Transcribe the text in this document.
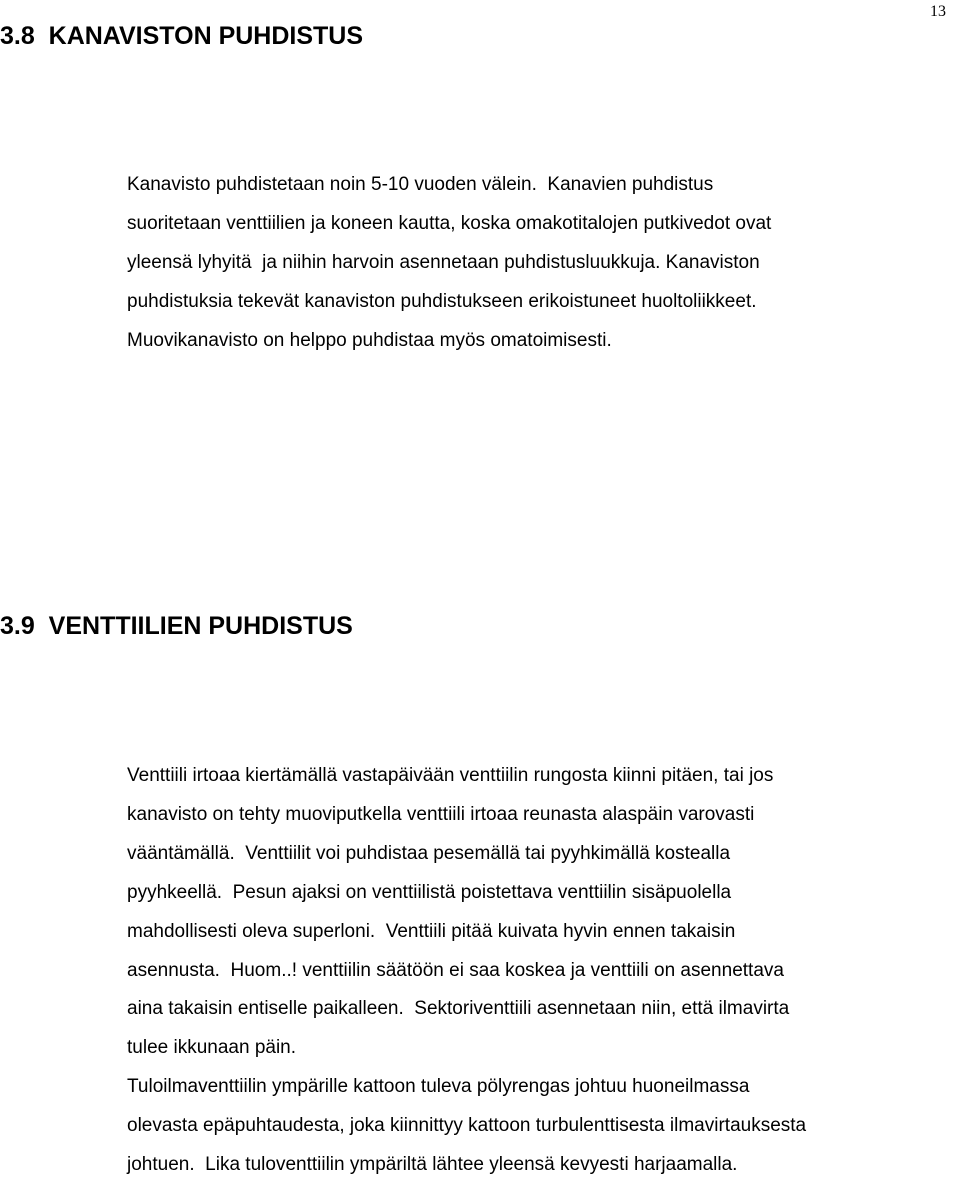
13
3.8  KANAVISTON PUHDISTUS
Kanavisto puhdistetaan noin 5-10 vuoden välein.  Kanavien puhdistus
suoritetaan venttiilien ja koneen kautta, koska omakotitalojen putkivedot ovat
yleensä lyhyitä  ja niihin harvoin asennetaan puhdistusluukkuja. Kanaviston
puhdistuksia tekevät kanaviston puhdistukseen erikoistuneet huoltoliikkeet.
Muovikanavisto on helppo puhdistaa myös omatoimisesti.
3.9  VENTTIILIEN PUHDISTUS
Venttiili irtoaa kiertämällä vastapäivään venttiilin rungosta kiinni pitäen, tai jos
kanavisto on tehty muoviputkella venttiili irtoaa reunasta alaspäin varovasti
vääntämällä.  Venttiilit voi puhdistaa pesemällä tai pyyhkimällä kostealla
pyyhkeellä.  Pesun ajaksi on venttiilistä poistettava venttiilin sisäpuolella
mahdollisesti oleva superloni.  Venttiili pitää kuivata hyvin ennen takaisin
asennusta.  Huom..! venttiilin säätöön ei saa koskea ja venttiili on asennettava
aina takaisin entiselle paikalleen.  Sektoriventtiili asennetaan niin, että ilmavirta
tulee ikkunaan päin.
Tuloilmaventtiilin ympärille kattoon tuleva pölyrengas johtuu huoneilmassa
olevasta epäpuhtaudesta, joka kiinnittyy kattoon turbulenttisesta ilmavirtauksesta
johtuen.  Lika tuloventtiilin ympäriltä lähtee yleensä kevyesti harjaamalla.
